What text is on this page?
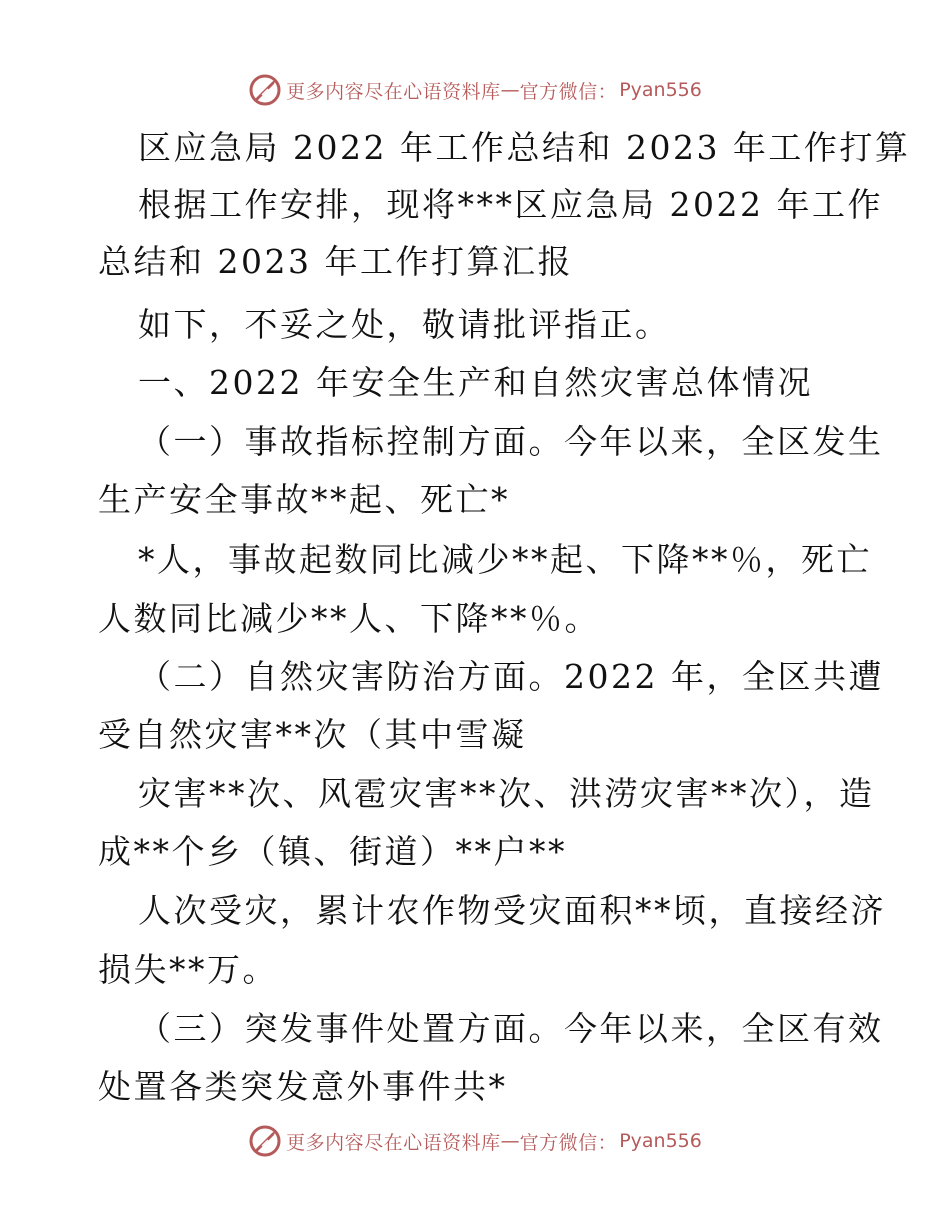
更多内容尽在心语资料库 — 官方微信： Pyan556
区应急局 2022 年工作总结和 2023 年工作打算
根据工作安排，现将***区应急局 2022 年工作
总结和 2023 年工作打算汇报
如下，不妥之处，敬请批评指正。
一、2022 年安全生产和自然灾害总体情况
（一）事故指标控制方面。今年以来，全区发生
生产安全事故**起、死亡*
*人，事故起数同比减少**起、下降**％，死亡
人数同比减少**人、下降**％。
（二）自然灾害防治方面。2022 年，全区共遭
受自然灾害**次（其中雪凝
灾害**次、风雹灾害**次、洪涝灾害**次），造
成**个乡（镇、街道）**户**
人次受灾，累计农作物受灾面积**顷，直接经济
损失**万。
（三）突发事件处置方面。今年以来，全区有效
处置各类突发意外事件共*
更多内容尽在心语资料库 — 官方微信： Pyan556
